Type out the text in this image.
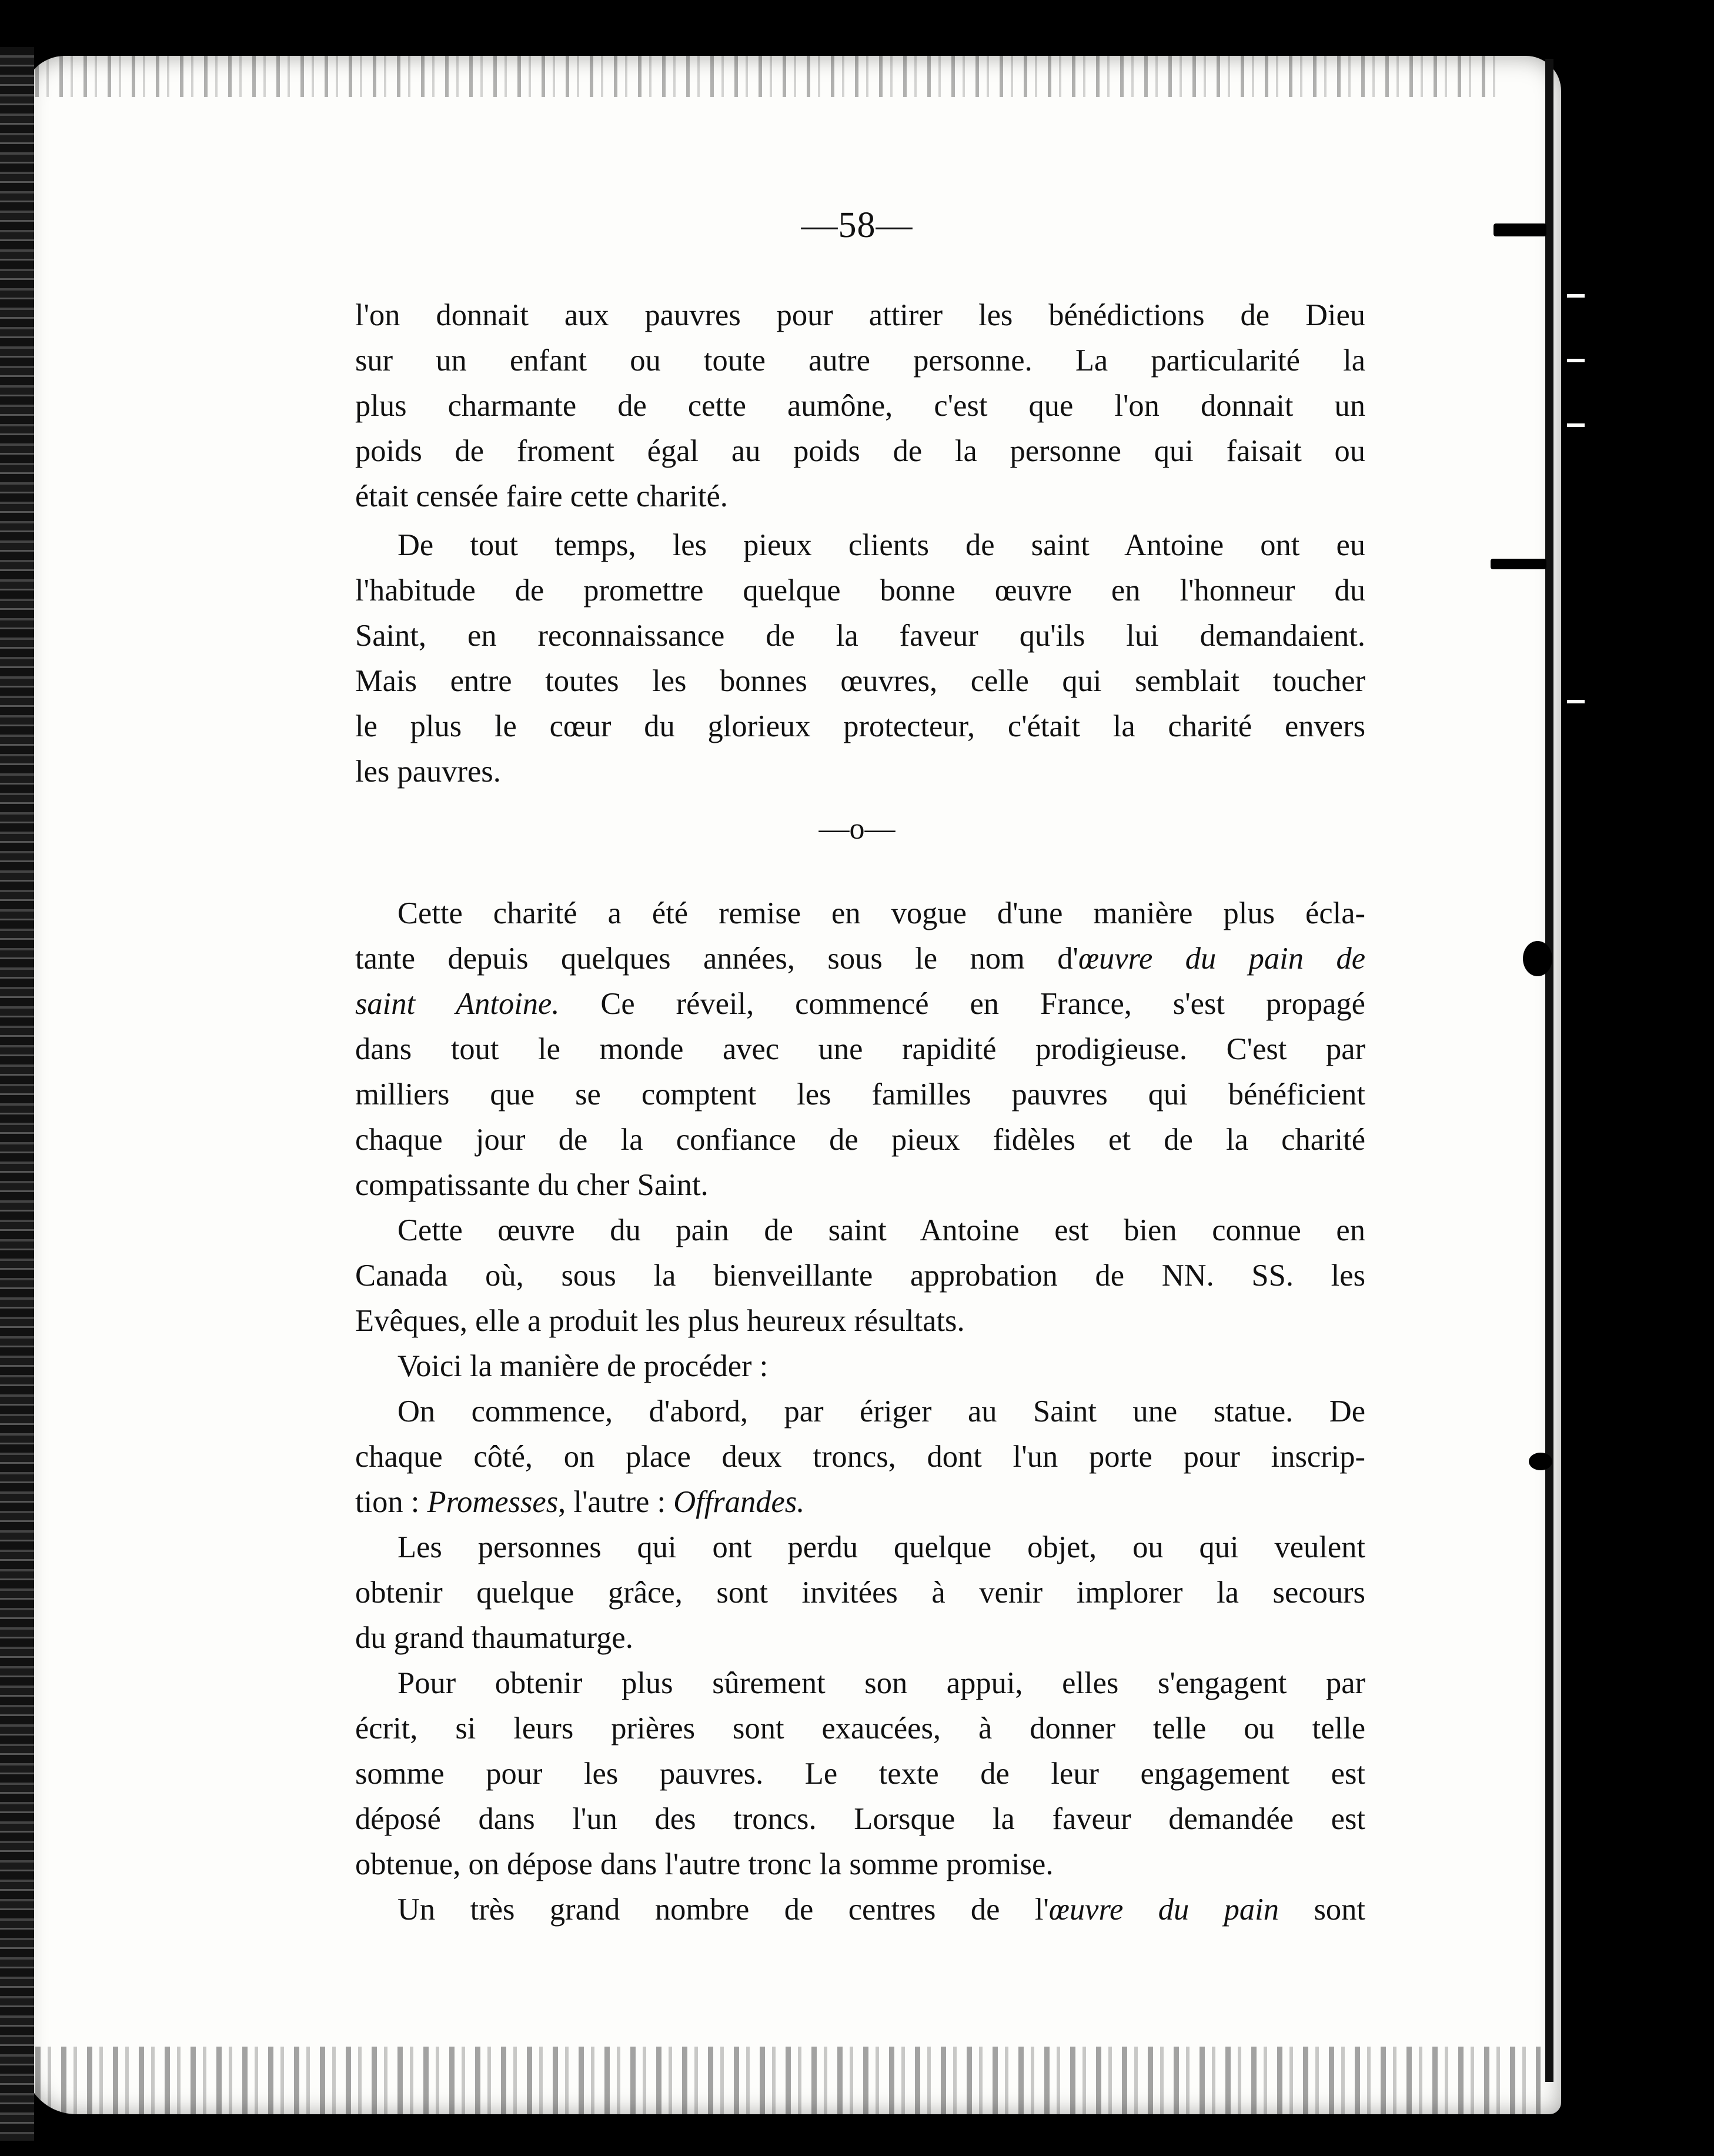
—58—

l'on donnait aux pauvres pour attirer les bénédictions de Dieu
sur un enfant ou toute autre personne. La particularité la
plus charmante de cette aumône, c'est que l'on donnait un
poids de froment égal au poids de la personne qui faisait ou
était censée faire cette charité.

De tout temps, les pieux clients de saint Antoine ont eu
l'habitude de promettre quelque bonne œuvre en l'honneur du
Saint, en reconnaissance de la faveur qu'ils lui demandaient.
Mais entre toutes les bonnes œuvres, celle qui semblait toucher
le plus le cœur du glorieux protecteur, c'était la charité envers
les pauvres.

—o—

Cette charité a été remise en vogue d'une manière plus écla-
tante depuis quelques années, sous le nom d'œuvre du pain de
saint Antoine. Ce réveil, commencé en France, s'est propagé
dans tout le monde avec une rapidité prodigieuse. C'est par
milliers que se comptent les familles pauvres qui bénéficient
chaque jour de la confiance de pieux fidèles et de la charité
compatissante du cher Saint.

Cette œuvre du pain de saint Antoine est bien connue en
Canada où, sous la bienveillante approbation de NN. SS. les
Evêques, elle a produit les plus heureux résultats.

Voici la manière de procéder :

On commence, d'abord, par ériger au Saint une statue. De
chaque côté, on place deux troncs, dont l'un porte pour inscrip-
tion : Promesses, l'autre : Offrandes.

Les personnes qui ont perdu quelque objet, ou qui veulent
obtenir quelque grâce, sont invitées à venir implorer la secours
du grand thaumaturge.

Pour obtenir plus sûrement son appui, elles s'engagent par
écrit, si leurs prières sont exaucées, à donner telle ou telle
somme pour les pauvres. Le texte de leur engagement est
déposé dans l'un des troncs. Lorsque la faveur demandée est
obtenue, on dépose dans l'autre tronc la somme promise.

Un très grand nombre de centres de l'œuvre du pain sont
